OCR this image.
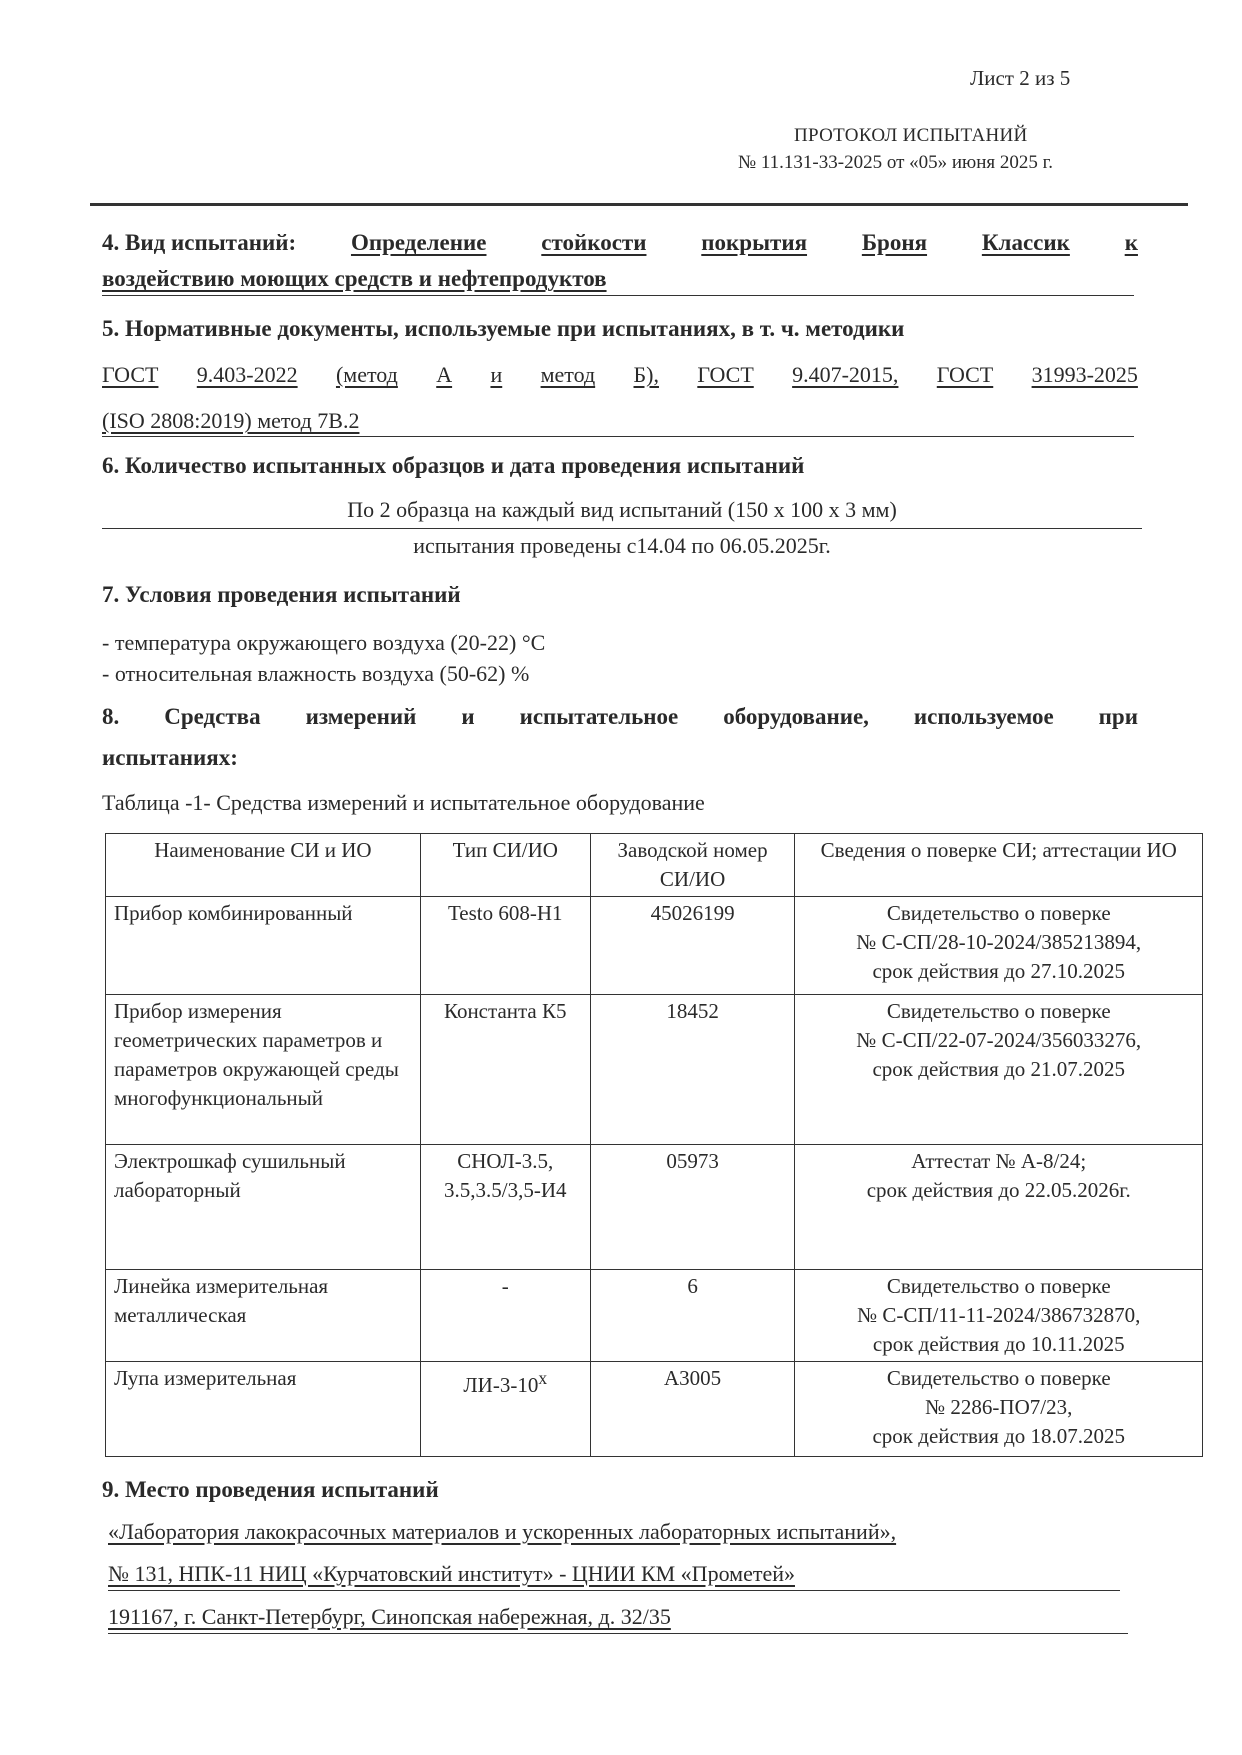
Лист 2 из 5
ПРОТОКОЛ ИСПЫТАНИЙ
№ 11.131-33-2025 от «05» июня 2025 г.
4. Вид испытаний: Определение стойкости покрытия Броня Классик к
воздействию моющих средств и нефтепродуктов
5. Нормативные документы, используемые при испытаниях, в т. ч. методики
ГОСТ 9.403-2022 (метод А и метод Б), ГОСТ 9.407-2015, ГОСТ 31993-2025
(ISO 2808:2019) метод 7В.2
6. Количество испытанных образцов и дата проведения испытаний
По 2 образца на каждый вид испытаний (150 х 100 х 3 мм)
испытания проведены с14.04 по 06.05.2025г.
7. Условия проведения испытаний
- температура окружающего воздуха (20-22) °C
- относительная влажность воздуха (50-62) %
8. Средства измерений и испытательное оборудование, используемое при
испытаниях:
Таблица -1- Средства измерений и испытательное оборудование
Наименование СИ и ИО	Тип СИ/ИО	Заводской номер СИ/ИО	Сведения о поверке СИ; аттестации ИО
Прибор комбинированный	Testo 608-H1	45026199	Свидетельство о поверке
№ С-СП/28-10-2024/385213894,
срок действия до 27.10.2025

Прибор измерения геометрических параметров и параметров окружающей среды многофункциональный	Константа К5	18452	Свидетельство о поверке
№ С-СП/22-07-2024/356033276,
срок действия до 21.07.2025

Электрошкаф сушильный лабораторный	СНОЛ-3.5, 3.5,3.5/3,5-И4	05973	Аттестат № А-8/24;
срок действия до 22.05.2026г.

Линейка измерительная металлическая	-	6	Свидетельство о поверке
№ С-СП/11-11-2024/386732870,
срок действия до 10.11.2025

Лупа измерительная	ЛИ-3-10$^x$	А3005	Свидетельство о поверке
№ 2286-ПО7/23,
срок действия до 18.07.2025
9. Место проведения испытаний
«Лаборатория лакокрасочных материалов и ускоренных лабораторных испытаний»,
№ 131, НПК-11 НИЦ «Курчатовский институт» - ЦНИИ КМ «Прометей»
191167, г. Санкт-Петербург, Синопская набережная, д. 32/35
